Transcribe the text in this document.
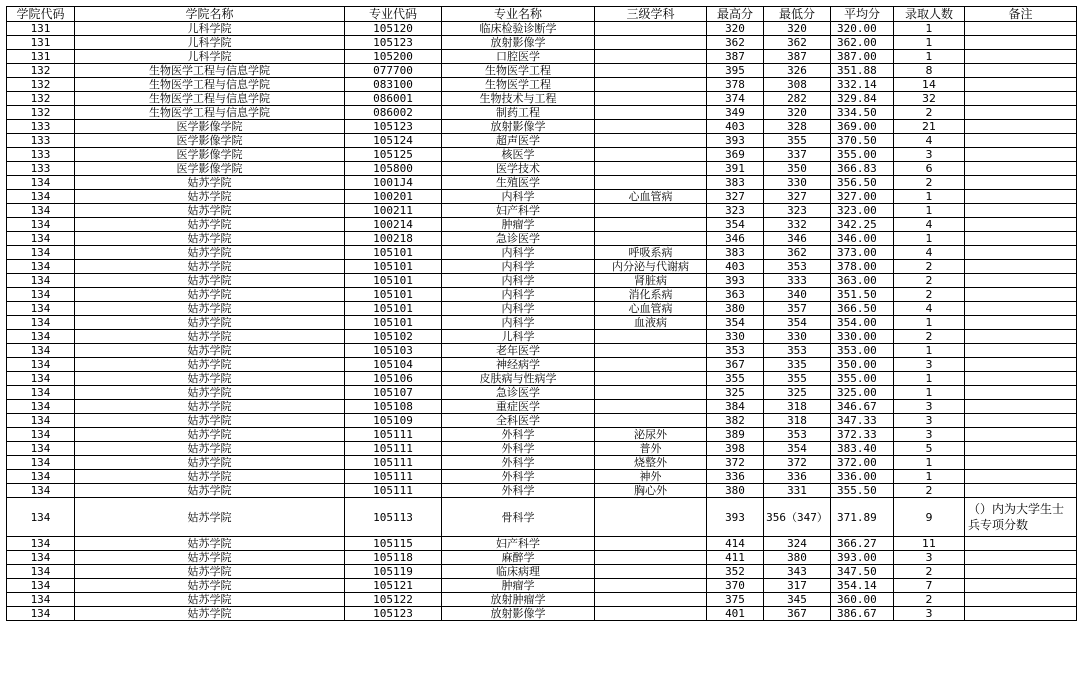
学院代码	学院名称	专业代码	专业名称	三级学科	最高分	最低分	平均分	录取人数	备注
131	儿科学院	105120	临床检验诊断学		320	320	320.00	1	
131	儿科学院	105123	放射影像学		362	362	362.00	1	
131	儿科学院	105200	口腔医学		387	387	387.00	1	
132	生物医学工程与信息学院	077700	生物医学工程		395	326	351.88	8	
132	生物医学工程与信息学院	083100	生物医学工程		378	308	332.14	14	
132	生物医学工程与信息学院	086001	生物技术与工程		374	282	329.84	32	
132	生物医学工程与信息学院	086002	制药工程		349	320	334.50	2	
133	医学影像学院	105123	放射影像学		403	328	369.00	21	
133	医学影像学院	105124	超声医学		393	355	370.50	4	
133	医学影像学院	105125	核医学		369	337	355.00	3	
133	医学影像学院	105800	医学技术		391	350	366.83	6	
134	姑苏学院	1001J4	生殖医学		383	330	356.50	2	
134	姑苏学院	100201	内科学	心血管病	327	327	327.00	1	
134	姑苏学院	100211	妇产科学		323	323	323.00	1	
134	姑苏学院	100214	肿瘤学		354	332	342.25	4	
134	姑苏学院	100218	急诊医学		346	346	346.00	1	
134	姑苏学院	105101	内科学	呼吸系病	383	362	373.00	4	
134	姑苏学院	105101	内科学	内分泌与代谢病	403	353	378.00	2	
134	姑苏学院	105101	内科学	肾脏病	393	333	363.00	2	
134	姑苏学院	105101	内科学	消化系病	363	340	351.50	2	
134	姑苏学院	105101	内科学	心血管病	380	357	366.50	4	
134	姑苏学院	105101	内科学	血液病	354	354	354.00	1	
134	姑苏学院	105102	儿科学		330	330	330.00	2	
134	姑苏学院	105103	老年医学		353	353	353.00	1	
134	姑苏学院	105104	神经病学		367	335	350.00	3	
134	姑苏学院	105106	皮肤病与性病学		355	355	355.00	1	
134	姑苏学院	105107	急诊医学		325	325	325.00	1	
134	姑苏学院	105108	重症医学		384	318	346.67	3	
134	姑苏学院	105109	全科医学		382	318	347.33	3	
134	姑苏学院	105111	外科学	泌尿外	389	353	372.33	3	
134	姑苏学院	105111	外科学	普外	398	354	383.40	5	
134	姑苏学院	105111	外科学	烧整外	372	372	372.00	1	
134	姑苏学院	105111	外科学	神外	336	336	336.00	1	
134	姑苏学院	105111	外科学	胸心外	380	331	355.50	2	
134	姑苏学院	105113	骨科学		393	356（347）	371.89	9	（）内为大学生士兵专项分数
134	姑苏学院	105115	妇产科学		414	324	366.27	11	
134	姑苏学院	105118	麻醉学		411	380	393.00	3	
134	姑苏学院	105119	临床病理		352	343	347.50	2	
134	姑苏学院	105121	肿瘤学		370	317	354.14	7	
134	姑苏学院	105122	放射肿瘤学		375	345	360.00	2	
134	姑苏学院	105123	放射影像学		401	367	386.67	3	
